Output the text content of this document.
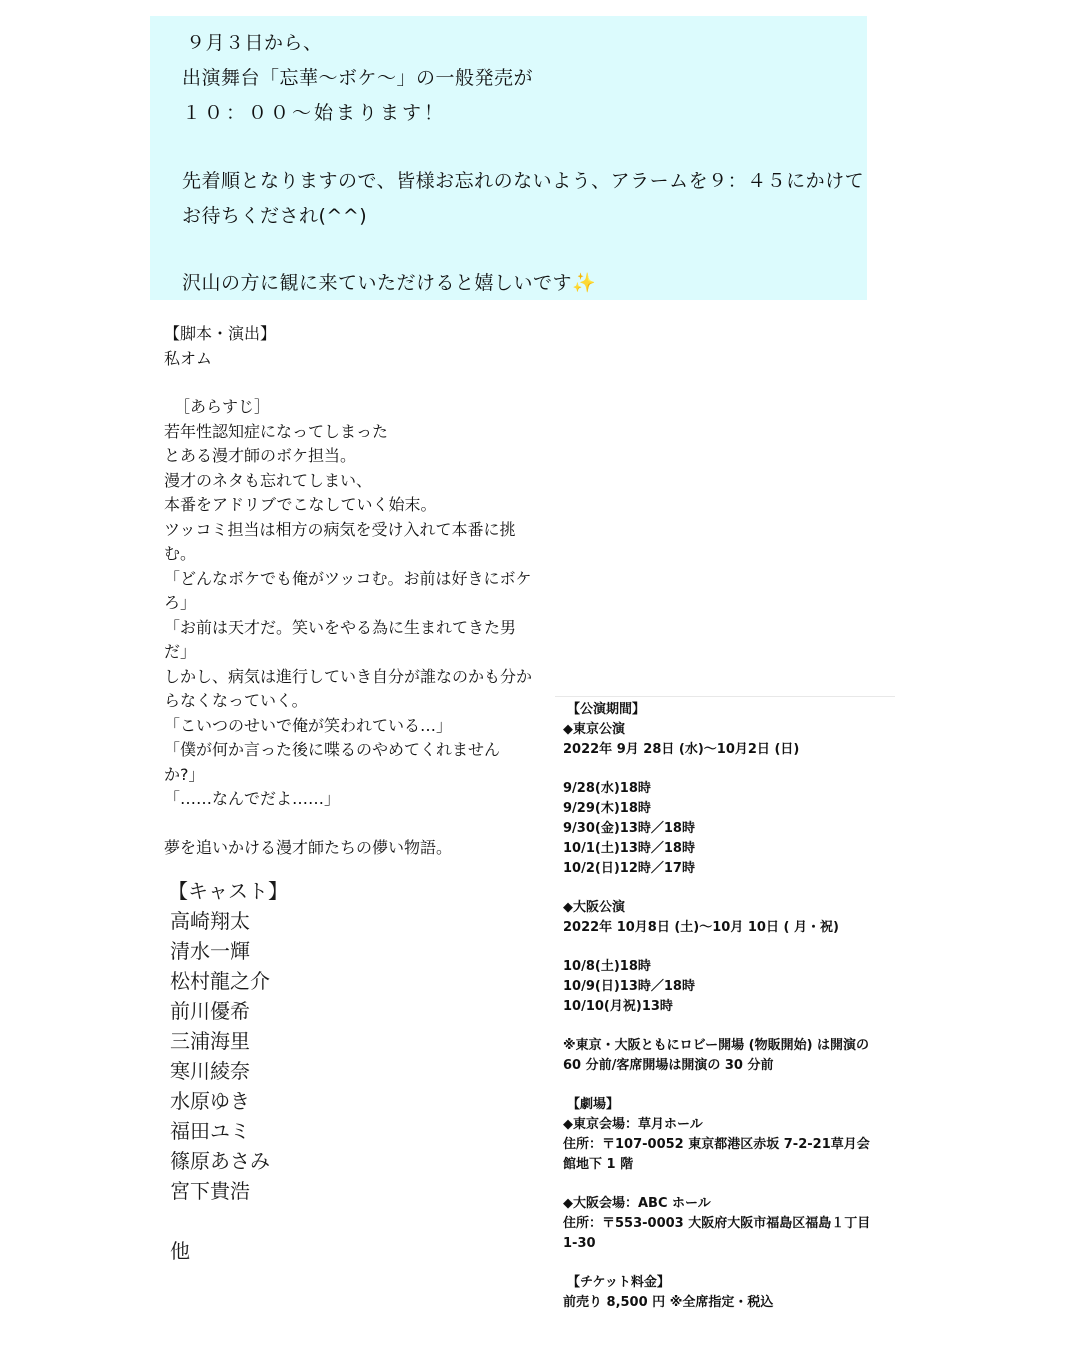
９月３日から、
出演舞台「忘華〜ボケ〜」の一般発売が
１０：００〜始まります！
先着順となりますので、皆様お忘れのないよう、アラームを９：４５にかけて
お待ちくだされ(^^)
沢山の方に観に来ていただけると嬉しいです✨
【脚本・演出】
私オム
［あらすじ］
若年性認知症になってしまった
とある漫才師のボケ担当。
漫才のネタも忘れてしまい、
本番をアドリブでこなしていく始末。
ツッコミ担当は相方の病気を受け入れて本番に挑
む。
「どんなボケでも俺がツッコむ。お前は好きにボケ
ろ」
「お前は天才だ。笑いをやる為に生まれてきた男
だ」
しかし、病気は進行していき自分が誰なのかも分か
らなくなっていく。
「こいつのせいで俺が笑われている…」
「僕が何か言った後に喋るのやめてくれません
か?」
「……なんでだよ……」
夢を追いかける漫才師たちの儚い物語。
【キャスト】
高崎翔太
清水一輝
松村龍之介
前川優希
三浦海里
寒川綾奈
水原ゆき
福田ユミ
篠原あさみ
宮下貴浩
他
【公演期間】
◆東京公演
2022年 9月 28日 (水)〜10月2日 (日)
9/28(水)18時
9/29(木)18時
9/30(金)13時／18時
10/1(土)13時／18時
10/2(日)12時／17時
◆大阪公演
2022年 10月8日 (土)〜10月 10日 ( 月・祝)
10/8(土)18時
10/9(日)13時／18時
10/10(月祝)13時
※東京・大阪ともにロビー開場 (物販開始) は開演の
60 分前/客席開場は開演の 30 分前
【劇場】
◆東京会場：草月ホール
住所：〒107-0052 東京都港区赤坂 7-2-21草月会
館地下 1 階
◆大阪会場：ABC ホール
住所：〒553-0003 大阪府大阪市福島区福島１丁目
1-30
【チケット料金】
前売り 8,500 円 ※全席指定・税込
